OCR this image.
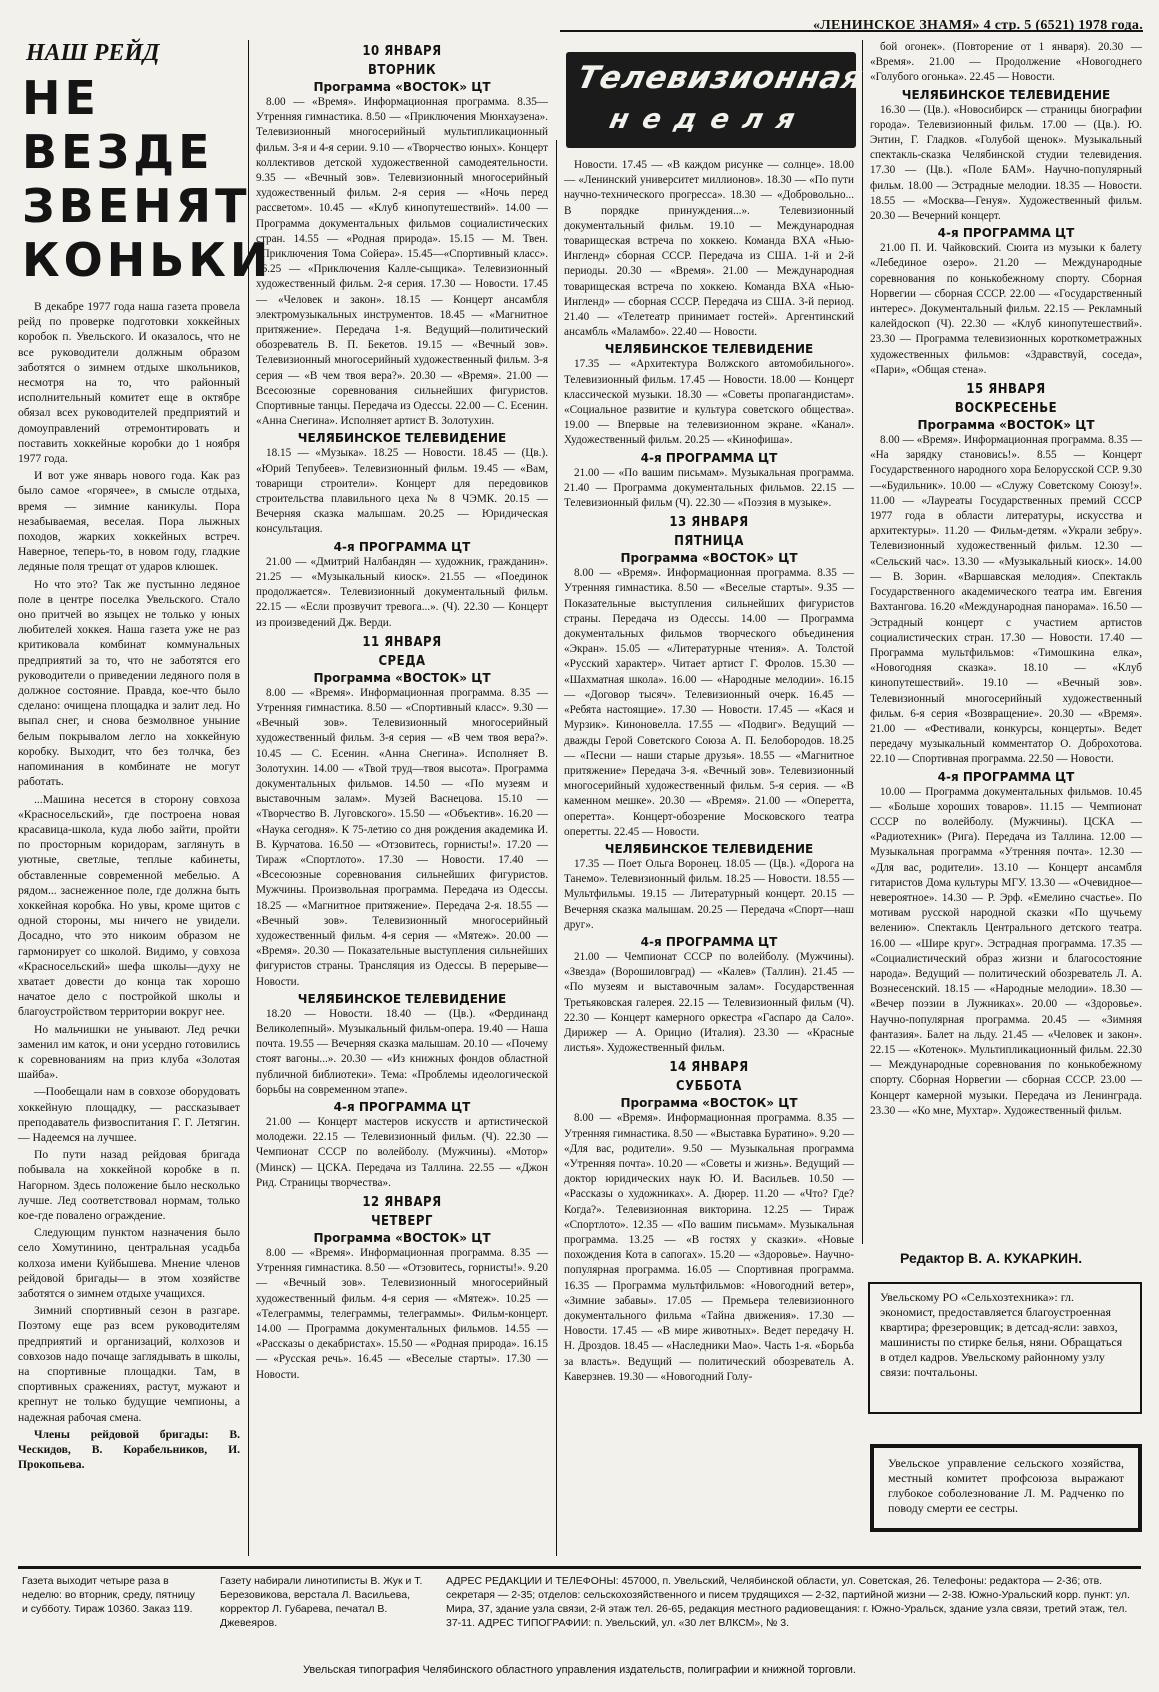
«ЛЕНИНСКОЕ ЗНАМЯ» 4 стр. 5 (6521) 1978 года.
НАШ РЕЙД
НЕ ВЕЗДЕ ЗВЕНЯТ КОНЬКИ

В декабре 1977 года наша газета провела рейд по проверке подготовки хоккейных коробок п. Увельского. И оказалось, что не все руководители должным образом заботятся о зимнем отдыхе школьников, несмотря на то, что районный исполнительный комитет еще в октябре обязал всех руководителей предприятий и домоуправлений отремонтировать и поставить хоккейные коробки до 1 ноября 1977 года.

И вот уже январь нового года. Как раз было самое «горячее», в смысле отдыха, время — зимние каникулы. Пора незабываемая, веселая. Пора лыжных походов, жарких хоккейных встреч. Наверное, теперь-то, в новом году, гладкие ледяные поля трещат от ударов клюшек.

Но что это? Так же пустынно ледяное поле в центре поселка Увельского. Стало оно притчей во языцех не только у юных любителей хоккея. Наша газета уже не раз критиковала комбинат коммунальных предприятий за то, что не заботятся его руководители о приведении ледяного поля в должное состояние. Правда, кое-что было сделано: очищена площадка и залит лед. Но выпал снег, и снова безмолвное уныние белым покрывалом легло на хоккейную коробку. Выходит, что без толчка, без напоминания в комбинате не могут работать.

...Машина несется в сторону совхоза «Красносельский», где построена новая красавица-школа, куда любо зайти, пройти по просторным коридорам, заглянуть в уютные, светлые, теплые кабинеты, обставленные современной мебелью. А рядом... заснеженное поле, где должна быть хоккейная коробка. Но увы, кроме щитов с одной стороны, мы ничего не увидели. Досадно, что это никоим образом не гармонирует со школой. Видимо, у совхоза «Красносельский» шефа школы—духу не хватает довести до конца так хорошо начатое дело с постройкой школы и благоустройством территории вокруг нее.

Но мальчишки не унывают. Лед речки заменил им каток, и они усердно готовились к соревнованиям на приз клуба «Золотая шайба».

—Пообещали нам в совхозе оборудовать хоккейную площадку, — рассказывает преподаватель физвоспитания Г. Г. Летягин. — Надеемся на лучшее.

По пути назад рейдовая бригада побывала на хоккейной коробке в п. Нагорном. Здесь положение было несколько лучше. Лед соответствовал нормам, только кое-где повалено ограждение.

Следующим пунктом назначения было село Хомутинино, центральная усадьба колхоза имени Куйбышева. Мнение членов рейдовой бригады— в этом хозяйстве заботятся о зимнем отдыхе учащихся.

Зимний спортивный сезон в разгаре. Поэтому еще раз всем руководителям предприятий и организаций, колхозов и совхозов надо почаще заглядывать в школы, на спортивные площадки. Там, в спортивных сражениях, растут, мужают и крепнут не только будущие чемпионы, а надежная рабочая смена.

Члены рейдовой бригады: В. Ческидов, В. Корабельников, И. Прокопьева.

10 ЯНВАРЯ
ВТОРНИК
Программа «ВОСТОК» ЦТ

8.00 — «Время». Информационная программа. 8.35— Утренняя гимнастика. 8.50 — «Приключения Мюнхаузена». Телевизионный многосерийный мультипликационный фильм. 3-я и 4-я серии. 9.10 — «Творчество юных». Концерт коллективов детской художественной самодеятельности. 9.35 — «Вечный зов». Телевизионный многосерийный художественный фильм. 2-я серия — «Ночь перед рассветом». 10.45 — «Клуб кинопутешествий». 14.00 — Программа документальных фильмов социалистических стран. 14.55 — «Родная природа». 15.15 — М. Твен. «Приключения Тома Сойера». 15.45—«Спортивный класс». 16.25 — «Приключения Калле-сыщика». Телевизионный художественный фильм. 2-я серия. 17.30 — Новости. 17.45 — «Человек и закон». 18.15 — Концерт ансамбля электромузыкальных инструментов. 18.45 — «Магнитное притяжение». Передача 1-я. Ведущий—политический обозреватель В. П. Бекетов. 19.15 — «Вечный зов». Телевизионный многосерийный художественный фильм. 3-я серия — «В чем твоя вера?». 20.30 — «Время». 21.00 — Всесоюзные соревнования сильнейших фигуристов. Спортивные танцы. Передача из Одессы. 22.00 — С. Есенин. «Анна Снегина». Исполняет артист В. Золотухин.

ЧЕЛЯБИНСКОЕ ТЕЛЕВИДЕНИЕ

18.15 — «Музыка». 18.25 — Новости. 18.45 — (Цв.). «Юрий Тепубеев». Телевизионный фильм. 19.45 — «Вам, товарищи строители». Концерт для передовиков строительства плавильного цеха № 8 ЧЭМК. 20.15 — Вечерняя сказка малышам. 20.25 — Юридическая консультация.

4-я ПРОГРАММА ЦТ

21.00 — «Дмитрий Налбандян — художник, гражданин». 21.25 — «Музыкальный киоск». 21.55 — «Поединок продолжается». Телевизионный документальный фильм. 22.15 — «Если прозвучит тревога...». (Ч). 22.30 — Концерт из произведений Дж. Верди.

11 ЯНВАРЯ
СРЕДА
Программа «ВОСТОК» ЦТ

8.00 — «Время». Информационная программа. 8.35 — Утренняя гимнастика. 8.50 — «Спортивный класс». 9.30 — «Вечный зов». Телевизионный многосерийный художественный фильм. 3-я серия — «В чем твоя вера?». 10.45 — С. Есенин. «Анна Снегина». Исполняет В. Золотухин. 14.00 — «Твой труд—твоя высота». Программа документальных фильмов. 14.50 — «По музеям и выставочным залам». Музей Васнецова. 15.10 — «Творчество В. Луговского». 15.50 — «Объектив». 16.20 — «Наука сегодня». К 75-летию со дня рождения академика И. В. Курчатова. 16.50 — «Отзовитесь, горнисты!». 17.20 — Тираж «Спортлото». 17.30 — Новости. 17.40 — «Всесоюзные соревнования сильнейших фигуристов. Мужчины. Произвольная программа. Передача из Одессы. 18.25 — «Магнитное притяжение». Передача 2-я. 18.55 — «Вечный зов». Телевизионный многосерийный художественный фильм. 4-я серия — «Мятеж». 20.00 — «Время». 20.30 — Показательные выступления сильнейших фигуристов страны. Трансляция из Одессы. В перерыве—Новости.

ЧЕЛЯБИНСКОЕ ТЕЛЕВИДЕНИЕ

18.20 — Новости. 18.40 — (Цв.). «Фердинанд Великолепный». Музыкальный фильм-опера. 19.40 — Наша почта. 19.55 — Вечерняя сказка малышам. 20.10 — «Почему стоят вагоны...». 20.30 — «Из книжных фондов областной публичной библиотеки». Тема: «Проблемы идеологической борьбы на современном этапе».

4-я ПРОГРАММА ЦТ

21.00 — Концерт мастеров искусств и артистической молодежи. 22.15 — Телевизионный фильм. (Ч). 22.30 — Чемпионат СССР по волейболу. (Мужчины). «Мотор» (Минск) — ЦСКА. Передача из Таллина. 22.55 — «Джон Рид. Страницы творчества».

12 ЯНВАРЯ
ЧЕТВЕРГ
Программа «ВОСТОК» ЦТ

8.00 — «Время». Информационная программа. 8.35 — Утренняя гимнастика. 8.50 — «Отзовитесь, горнисты!». 9.20 — «Вечный зов». Телевизионный многосерийный художественный фильм. 4-я серия — «Мятеж». 10.25 — «Телеграммы, телеграммы, телеграммы». Фильм-концерт. 14.00 — Программа документальных фильмов. 14.55 — «Рассказы о декабристах». 15.50 — «Родная природа». 16.15 — «Русская речь». 16.45 — «Веселые старты». 17.30 — Новости.

Телевизионная
неделя

Новости. 17.45 — «В каждом рисунке — солнце». 18.00 — «Ленинский университет миллионов». 18.30 — «По пути научно-технического прогресса». 18.30 — «Добровольно... В порядке принуждения...». Телевизионный документальный фильм. 19.10 — Международная товарищеская встреча по хоккею. Команда ВХА «Нью-Ингленд» сборная СССР. Передача из США. 1-й и 2-й периоды. 20.30 — «Время». 21.00 — Международная товарищеская встреча по хоккею. Команда ВХА «Нью-Ингленд» — сборная СССР. Передача из США. 3-й период. 21.40 — «Телетеатр принимает гостей». Аргентинский ансамбль «Маламбо». 22.40 — Новости.

ЧЕЛЯБИНСКОЕ ТЕЛЕВИДЕНИЕ

17.35 — «Архитектура Волжского автомобильного». Телевизионный фильм. 17.45 — Новости. 18.00 — Концерт классической музыки. 18.30 — «Советы пропагандистам». «Социальное развитие и культура советского общества». 19.00 — Впервые на телевизионном экране. «Канал». Художественный фильм. 20.25 — «Кинофиша».

4-я ПРОГРАММА ЦТ

21.00 — «По вашим письмам». Музыкальная программа. 21.40 — Программа документальных фильмов. 22.15 — Телевизионный фильм (Ч). 22.30 — «Поэзия в музыке».

13 ЯНВАРЯ
ПЯТНИЦА
Программа «ВОСТОК» ЦТ

8.00 — «Время». Информационная программа. 8.35 — Утренняя гимнастика. 8.50 — «Веселые старты». 9.35 — Показательные выступления сильнейших фигуристов страны. Передача из Одессы. 14.00 — Программа документальных фильмов творческого объединения «Экран». 15.05 — «Литературные чтения». А. Толстой «Русский характер». Читает артист Г. Фролов. 15.30 — «Шахматная школа». 16.00 — «Народные мелодии». 16.15 — «Договор тысяч». Телевизионный очерк. 16.45 — «Ребята настоящие». 17.30 — Новости. 17.45 — «Кася и Мурзик». Киноновелла. 17.55 — «Подвиг». Ведущий — дважды Герой Советского Союза А. П. Белобородов. 18.25 — «Песни — наши старые друзья». 18.55 — «Магнитное притяжение» Передача 3-я. «Вечный зов». Телевизионный многосерийный художественный фильм. 5-я серия. — «В каменном мешке». 20.30 — «Время». 21.00 — «Оперетта, оперетта». Концерт-обозрение Московского театра оперетты. 22.45 — Новости.

ЧЕЛЯБИНСКОЕ ТЕЛЕВИДЕНИЕ

17.35 — Поет Ольга Воронец. 18.05 — (Цв.). «Дорога на Танемо». Телевизионный фильм. 18.25 — Новости. 18.55 — Мультфильмы. 19.15 — Литературный концерт. 20.15 — Вечерняя сказка малышам. 20.25 — Передача «Спорт—наш друг».

4-я ПРОГРАММА ЦТ

21.00 — Чемпионат СССР по волейболу. (Мужчины). «Звезда» (Ворошиловград) — «Калев» (Таллин). 21.45 — «По музеям и выставочным залам». Государственная Третьяковская галерея. 22.15 — Телевизионный фильм (Ч). 22.30 — Концерт камерного оркестра «Гаспаро да Сало». Дирижер — А. Орицио (Италия). 23.30 — «Красные листья». Художественный фильм.

14 ЯНВАРЯ
СУББОТА
Программа «ВОСТОК» ЦТ

8.00 — «Время». Информационная программа. 8.35 — Утренняя гимнастика. 8.50 — «Выставка Буратино». 9.20 — «Для вас, родители». 9.50 — Музыкальная программа «Утренняя почта». 10.20 — «Советы и жизнь». Ведущий — доктор юридических наук Ю. И. Васильев. 10.50 — «Рассказы о художниках». А. Дюрер. 11.20 — «Что? Где? Когда?». Телевизионная викторина. 12.25 — Тираж «Спортлото». 12.35 — «По вашим письмам». Музыкальная программа. 13.25 — «В гостях у сказки». «Новые похождения Кота в сапогах». 15.20 — «Здоровье». Научно-популярная программа. 16.05 — Спортивная программа. 16.35 — Программа мультфильмов: «Новогодний ветер», «Зимние забавы». 17.05 — Премьера телевизионного документального фильма «Тайна движения». 17.30 — Новости. 17.45 — «В мире животных». Ведет передачу Н. Н. Дроздов. 18.45 — «Наследники Мао». Часть 1-я. «Борьба за власть». Ведущий — политический обозреватель А. Каверзнев. 19.30 — «Новогодний Голу-

бой огонек». (Повторение от 1 января). 20.30 — «Время». 21.00 — Продолжение «Новогоднего «Голубого огонька». 22.45 — Новости.

ЧЕЛЯБИНСКОЕ ТЕЛЕВИДЕНИЕ

16.30 — (Цв.). «Новосибирск — страницы биографии города». Телевизионный фильм. 17.00 — (Цв.). Ю. Энтин, Г. Гладков. «Голубой щенок». Музыкальный спектакль-сказка Челябинской студии телевидения. 17.30 — (Цв.). «Поле БАМ». Научно-популярный фильм. 18.00 — Эстрадные мелодии. 18.35 — Новости. 18.55 — «Москва—Генуя». Художественный фильм. 20.30 — Вечерний концерт.

4-я ПРОГРАММА ЦТ

21.00 П. И. Чайковский. Сюита из музыки к балету «Лебединое озеро». 21.20 — Международные соревнования по конькобежному спорту. Сборная Норвегии — сборная СССР. 22.00 — «Государственный интерес». Документальный фильм. 22.15 — Рекламный калейдоскоп (Ч). 22.30 — «Клуб кинопутешествий». 23.30 — Программа телевизионных короткометражных художественных фильмов: «Здравствуй, соседа», «Пари», «Общая стена».

15 ЯНВАРЯ
ВОСКРЕСЕНЬЕ
Программа «ВОСТОК» ЦТ

8.00 — «Время». Информационная программа. 8.35 — «На зарядку становись!». 8.55 — Концерт Государственного народного хора Белорусской ССР. 9.30—«Будильник». 10.00 — «Служу Советскому Союзу!». 11.00 — «Лауреаты Государственных премий СССР 1977 года в области литературы, искусства и архитектуры». 11.20 — Фильм-детям. «Украли зебру». Телевизионный художественный фильм. 12.30 — «Сельский час». 13.30 — «Музыкальный киоск». 14.00 — В. Зорин. «Варшавская мелодия». Спектакль Государственного академического театра им. Евгения Вахтангова. 16.20 «Международная панорама». 16.50 — Эстрадный концерт с участием артистов социалистических стран. 17.30 — Новости. 17.40 — Программа мультфильмов: «Тимошкина елка», «Новогодняя сказка». 18.10 — «Клуб кинопутешествий». 19.10 — «Вечный зов». Телевизионный многосерийный художественный фильм. 6-я серия «Возвращение». 20.30 — «Время». 21.00 — «Фестивали, конкурсы, концерты». Ведет передачу музыкальный комментатор О. Доброхотова. 22.10 — Спортивная программа. 22.50 — Новости.

4-я ПРОГРАММА ЦТ

10.00 — Программа документальных фильмов. 10.45 — «Больше хороших товаров». 11.15 — Чемпионат СССР по волейболу. (Мужчины). ЦСКА — «Радиотехник» (Рига). Передача из Таллина. 12.00 — Музыкальная программа «Утренняя почта». 12.30 — «Для вас, родители». 13.10 — Концерт ансамбля гитаристов Дома культуры МГУ. 13.30 — «Очевидное—невероятное». 14.30 — Р. Эрф. «Емелино счастье». По мотивам русской народной сказки «По щучьему велению». Спектакль Центрального детского театра. 16.00 — «Шире круг». Эстрадная программа. 17.35 — «Социалистический образ жизни и благосостояние народа». Ведущий — политический обозреватель Л. А. Вознесенский. 18.15 — «Народные мелодии». 18.30 — «Вечер поэзии в Лужниках». 20.00 — «Здоровье». Научно-популярная программа. 20.45 — «Зимняя фантазия». Балет на льду. 21.45 — «Человек и закон». 22.15 — «Котенок». Мультипликационный фильм. 22.30 — Международные соревнования по конькобежному спорту. Сборная Норвегии — сборная СССР. 23.00 — Концерт камерной музыки. Передача из Ленинграда. 23.30 — «Ко мне, Мухтар». Художественный фильм.

Редактор В. А. КУКАРКИН.
Увельскому РО «Сельхозтехника»: гл. экономист, предоставляется благоустроенная квартира; фрезеровщик; в детсад-ясли: завхоз, машинисты по стирке белья, няни. Обращаться в отдел кадров. Увельскому районному узлу связи: почтальоны.
Увельское управление сельского хозяйства, местный комитет профсоюза выражают глубокое соболезнование Л. М. Радченко по поводу смерти ее сестры.
Газета выходит четыре раза в неделю: во вторник, среду, пятницу и субботу. Тираж 10360. Заказ 119.
Газету набирали линотиписты В. Жук и Т. Березовикова, верстала Л. Васильева, корректор Л. Губарева, печатал В. Джевеяров.
АДРЕС РЕДАКЦИИ И ТЕЛЕФОНЫ: 457000, п. Увельский, Челябинской области, ул. Советская, 26. Телефоны: редактора — 2-36; отв. секретаря — 2-35; отделов: сельскохозяйственного и писем трудящихся — 2-32, партийной жизни — 2-38. Южно-Уральский корр. пункт: ул. Мира, 37, здание узла связи, 2-й этаж тел. 26-65, редакция местного радиовещания: г. Южно-Уральск, здание узла связи, третий этаж, тел. 37-11. АДРЕС ТИПОГРАФИИ: п. Увельский, ул. «30 лет ВЛКСМ», № 3.
Увельская типография Челябинского областного управления издательств, полиграфии и книжной торговли.
